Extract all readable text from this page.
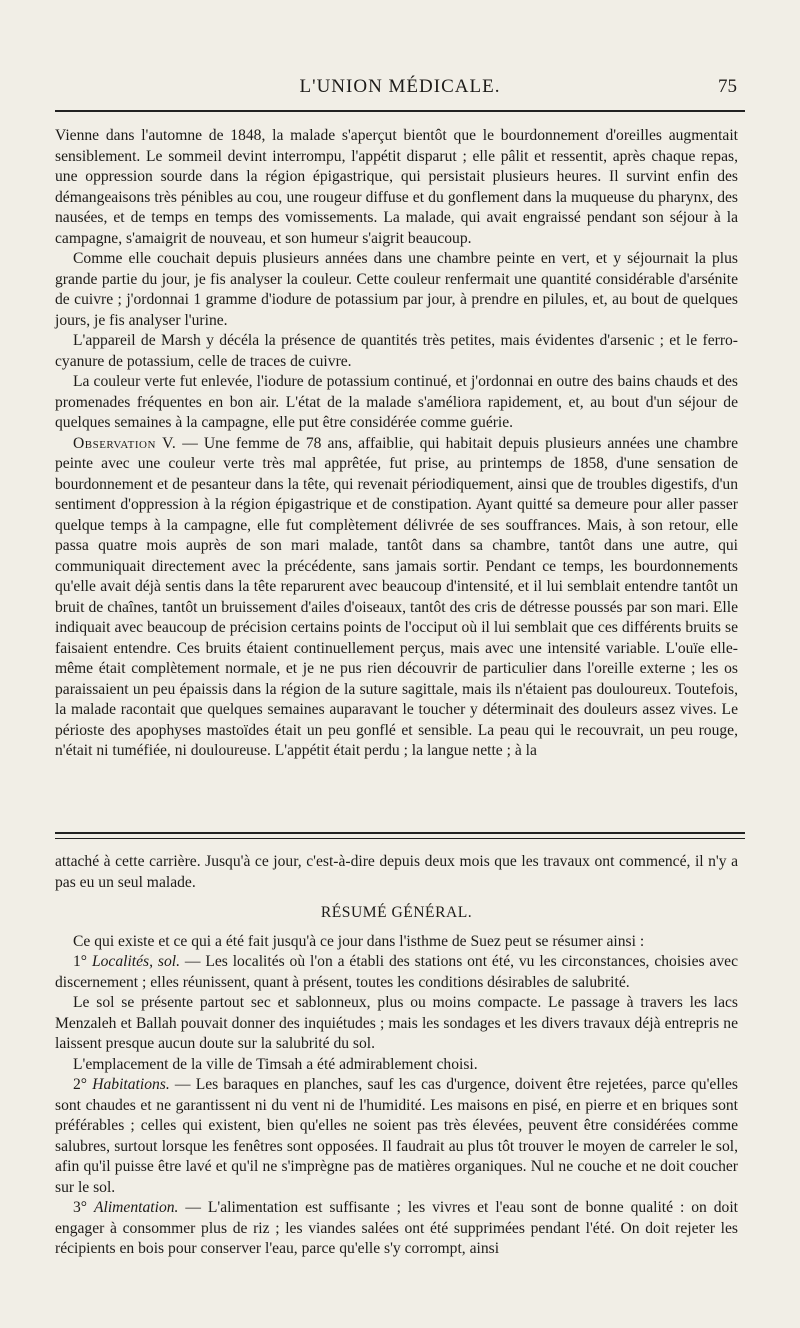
L'UNION MÉDICALE.	75

Vienne dans l'automne de 1848, la malade s'aperçut bientôt que le bourdonnement d'oreilles augmentait sensiblement. Le sommeil devint interrompu, l'appétit disparut ; elle pâlit et ressentit, après chaque repas, une oppression sourde dans la région épigastrique, qui persistait plusieurs heures. Il survint enfin des démangeaisons très pénibles au cou, une rougeur diffuse et du gonflement dans la muqueuse du pharynx, des nausées, et de temps en temps des vomissements. La malade, qui avait engraissé pendant son séjour à la campagne, s'amaigrit de nouveau, et son humeur s'aigrit beaucoup.

Comme elle couchait depuis plusieurs années dans une chambre peinte en vert, et y séjournait la plus grande partie du jour, je fis analyser la couleur. Cette couleur renfermait une quantité considérable d'arsénite de cuivre ; j'ordonnai 1 gramme d'iodure de potassium par jour, à prendre en pilules, et, au bout de quelques jours, je fis analyser l'urine.

L'appareil de Marsh y décéla la présence de quantités très petites, mais évidentes d'arsenic ; et le ferro-cyanure de potassium, celle de traces de cuivre.

La couleur verte fut enlevée, l'iodure de potassium continué, et j'ordonnai en outre des bains chauds et des promenades fréquentes en bon air. L'état de la malade s'améliora rapidement, et, au bout d'un séjour de quelques semaines à la campagne, elle put être considérée comme guérie.

Observation V. — Une femme de 78 ans, affaiblie, qui habitait depuis plusieurs années une chambre peinte avec une couleur verte très mal apprêtée, fut prise, au printemps de 1858, d'une sensation de bourdonnement et de pesanteur dans la tête, qui revenait périodiquement, ainsi que de troubles digestifs, d'un sentiment d'oppression à la région épigastrique et de constipation. Ayant quitté sa demeure pour aller passer quelque temps à la campagne, elle fut complètement délivrée de ses souffrances. Mais, à son retour, elle passa quatre mois auprès de son mari malade, tantôt dans sa chambre, tantôt dans une autre, qui communiquait directement avec la précédente, sans jamais sortir. Pendant ce temps, les bourdonnements qu'elle avait déjà sentis dans la tête reparurent avec beaucoup d'intensité, et il lui semblait entendre tantôt un bruit de chaînes, tantôt un bruissement d'ailes d'oiseaux, tantôt des cris de détresse poussés par son mari. Elle indiquait avec beaucoup de précision certains points de l'occiput où il lui semblait que ces différents bruits se faisaient entendre. Ces bruits étaient continuellement perçus, mais avec une intensité variable. L'ouïe elle-même était complètement normale, et je ne pus rien découvrir de particulier dans l'oreille externe ; les os paraissaient un peu épaissis dans la région de la suture sagittale, mais ils n'étaient pas douloureux. Toutefois, la malade racontait que quelques semaines auparavant le toucher y déterminait des douleurs assez vives. Le périoste des apophyses mastoïdes était un peu gonflé et sensible. La peau qui le recouvrait, un peu rouge, n'était ni tuméfiée, ni douloureuse. L'appétit était perdu ; la langue nette ; à la

attaché à cette carrière. Jusqu'à ce jour, c'est-à-dire depuis deux mois que les travaux ont commencé, il n'y a pas eu un seul malade.

RÉSUMÉ GÉNÉRAL.

Ce qui existe et ce qui a été fait jusqu'à ce jour dans l'isthme de Suez peut se résumer ainsi :

1° Localités, sol. — Les localités où l'on a établi des stations ont été, vu les circonstances, choisies avec discernement ; elles réunissent, quant à présent, toutes les conditions désirables de salubrité.

Le sol se présente partout sec et sablonneux, plus ou moins compacte. Le passage à travers les lacs Menzaleh et Ballah pouvait donner des inquiétudes ; mais les sondages et les divers travaux déjà entrepris ne laissent presque aucun doute sur la salubrité du sol.

L'emplacement de la ville de Timsah a été admirablement choisi.

2° Habitations. — Les baraques en planches, sauf les cas d'urgence, doivent être rejetées, parce qu'elles sont chaudes et ne garantissent ni du vent ni de l'humidité. Les maisons en pisé, en pierre et en briques sont préférables ; celles qui existent, bien qu'elles ne soient pas très élevées, peuvent être considérées comme salubres, surtout lorsque les fenêtres sont opposées. Il faudrait au plus tôt trouver le moyen de carreler le sol, afin qu'il puisse être lavé et qu'il ne s'imprègne pas de matières organiques. Nul ne couche et ne doit coucher sur le sol.

3° Alimentation. — L'alimentation est suffisante ; les vivres et l'eau sont de bonne qualité : on doit engager à consommer plus de riz ; les viandes salées ont été supprimées pendant l'été. On doit rejeter les récipients en bois pour conserver l'eau, parce qu'elle s'y corrompt, ainsi
